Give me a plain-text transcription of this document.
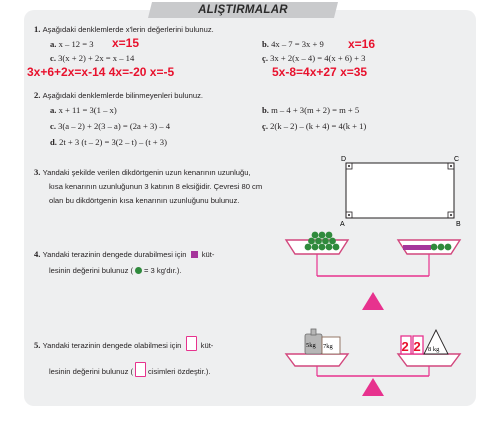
ALIŞTIRMALAR
1. Aşağıdaki denklemlerde x'lerin değerlerini bulunuz.
a. x – 12 = 3 x=15	b. 4x – 7 = 3x + 9 x=16
c. 3(x + 2) + 2x = x – 14	ç. 3x + 2(x – 4) = 4(x + 6) + 3
3x+6+2x=x-14 4x=-20 x=-5	5x-8=4x+27 x=35
2. Aşağıdaki denklemlerde bilinmeyenleri bulunuz.
a. x + 11 = 3(1 – x)	b. m – 4 + 3(m + 2) = m + 5
c. 3(a – 2) + 2(3 – a) = (2a + 3) – 4	ç. 2(k – 2) – (k + 4) = 4(k + 1)
d. 2t + 3 (t – 2) = 3(2 – t) – (t + 3)
3. Yandaki şekilde verilen dikdörtgenin uzun kenarının uzunluğu,
kısa kenarının uzunluğunun 3 katının 8 eksiğidir. Çevresi 80 cm
olan bu dikdörtgenin kısa kenarının uzunluğunu bulunuz.
D	C
A	B
4. Yandaki terazinin dengede durabilmesi için küt-
lesinin değerini bulunuz ( = 3 kg'dır.).
5. Yandaki terazinin dengede olabilmesi için	küt-
lesinin değerini bulunuz ( cisimleri özdeştir.).
5kg 7kg	2 2 8 kg
